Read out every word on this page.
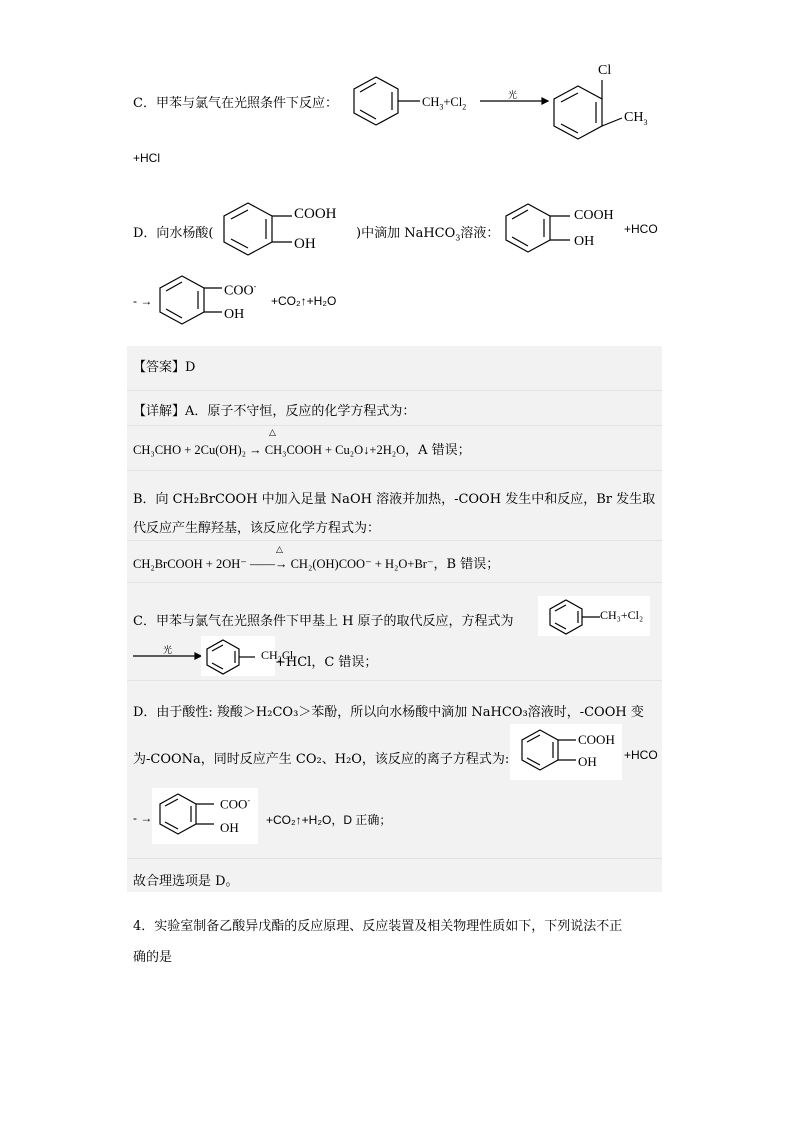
C．甲苯与氯气在光照条件下反应：	$CH_3+Cl_2$
光
Cl
$CH_3$
+HCl
D．向水杨酸(
COOH
OH
)中滴加 NaHCO$_3$溶液：
COOH
OH
+HCO
- →
COO-
OH
+CO₂↑+H₂O
【答案】D
【详解】A．原子不守恒，反应的化学方程式为：
CH₃CHO + 2Cu(OH)₂ → CH₃COOH + Cu₂O↓+2H₂O，A 错误；
△
B．向 CH₂BrCOOH 中加入足量 NaOH 溶液并加热，-COOH 发生中和反应，Br 发生取
代反应产生醇羟基，该反应化学方程式为：
CH₂BrCOOH + 2OH⁻ ——→ CH₂(OH)COO⁻ + H₂O+Br⁻，B 错误；
△
C．甲苯与氯气在光照条件下甲基上 H 原子的取代反应，方程式为	CH₃+Cl₂
光	CH₂Cl
+HCl，C 错误；
D．由于酸性: 羧酸＞H₂CO₃＞苯酚，所以向水杨酸中滴加 NaHCO₃溶液时，-COOH 变
为-COONa，同时反应产生 CO₂、H₂O，该反应的离子方程式为:
COOH
OH +HCO
- →
COO-
OH +CO₂↑+H₂O，D 正确；
故合理选项是 D。
4．实验室制备乙酸异戊酯的反应原理、反应装置及相关物理性质如下，下列说法不正
确的是
